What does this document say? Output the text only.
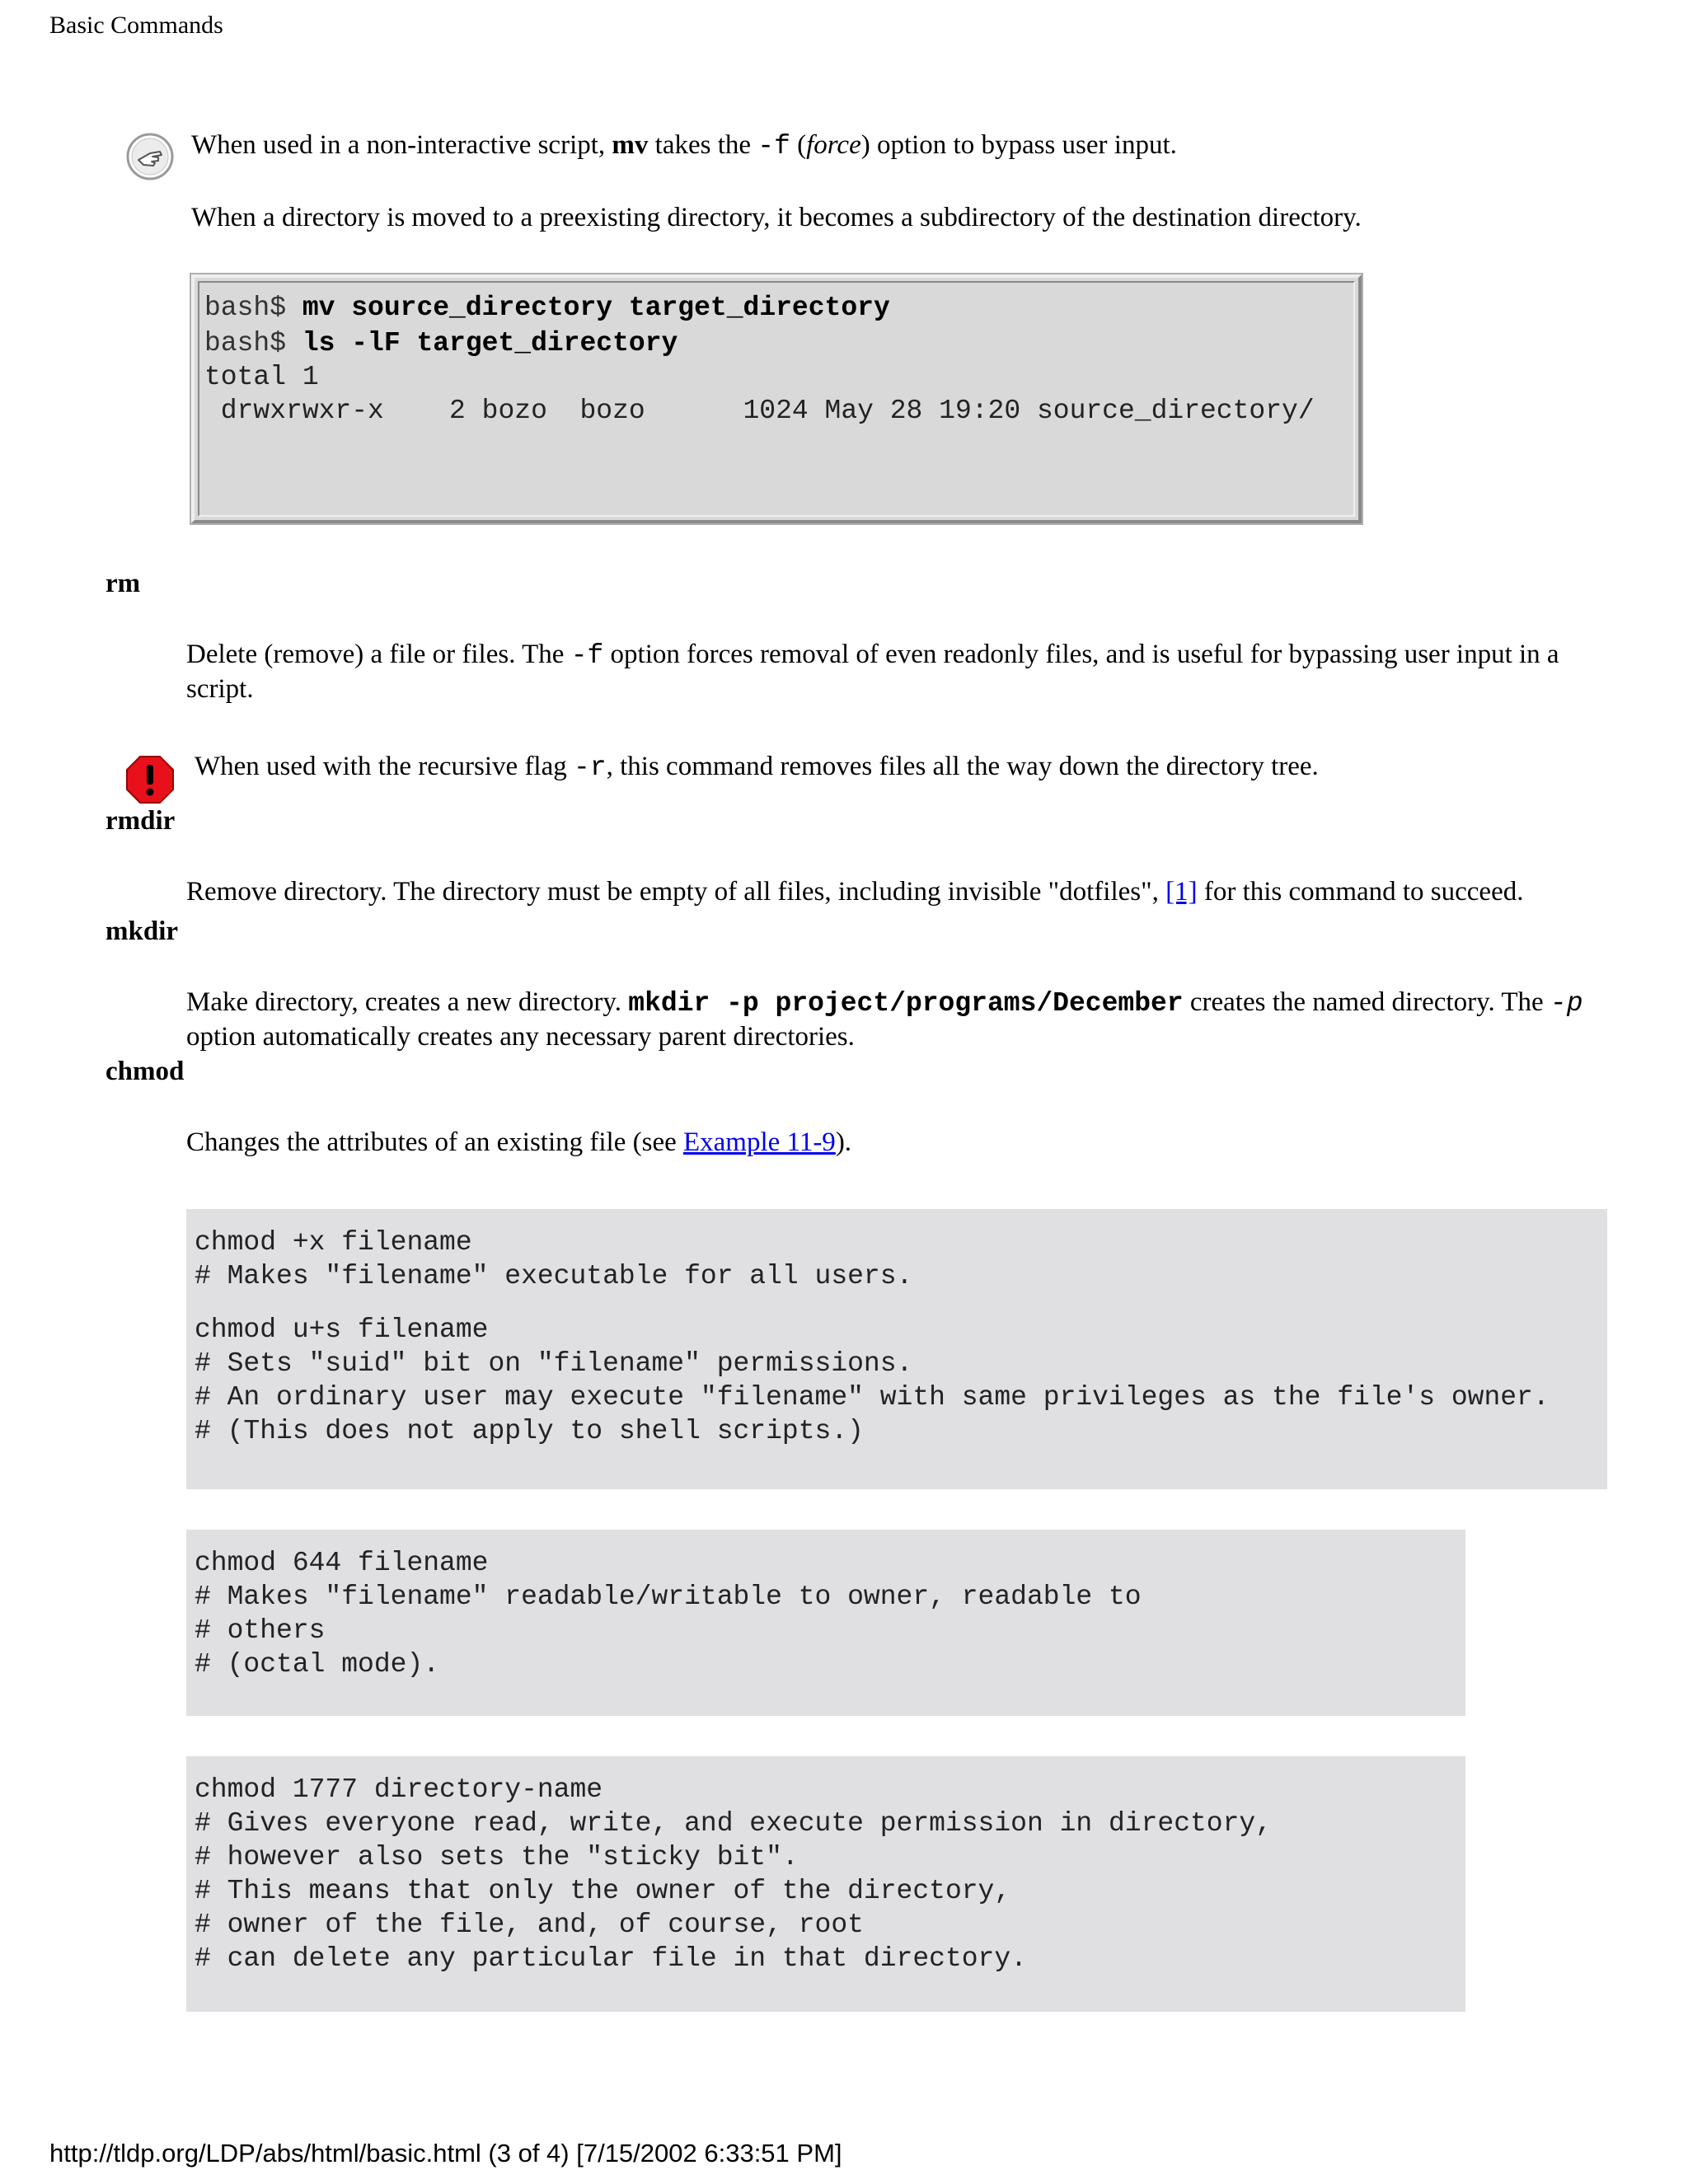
Basic Commands
When used in a non-interactive script, mv takes the -f (force) option to bypass user input.
When a directory is moved to a preexisting directory, it becomes a subdirectory of the destination directory.
bash$ mv source_directory target_directory

bash$ ls -lF target_directory
total 1
drwxrwxr-x    2 bozo  bozo      1024 May 28 19:20 source_directory/
rm
Delete (remove) a file or files. The -f option forces removal of even readonly files, and is useful for bypassing user input in a script.
When used with the recursive flag -r, this command removes files all the way down the directory tree.
rmdir
Remove directory. The directory must be empty of all files, including invisible "dotfiles", [1] for this command to succeed.
mkdir
Make directory, creates a new directory. mkdir -p project/programs/December creates the named directory. The -p option automatically creates any necessary parent directories.
chmod
Changes the attributes of an existing file (see Example 11-9).
chmod +x filename
# Makes "filename" executable for all users.

chmod u+s filename
# Sets "suid" bit on "filename" permissions.
# An ordinary user may execute "filename" with same privileges as the file's owner.
# (This does not apply to shell scripts.)
chmod 644 filename
# Makes "filename" readable/writable to owner, readable to
# others
# (octal mode).
chmod 1777 directory-name
# Gives everyone read, write, and execute permission in directory,
# however also sets the "sticky bit".
# This means that only the owner of the directory,
# owner of the file, and, of course, root
# can delete any particular file in that directory.
http://tldp.org/LDP/abs/html/basic.html (3 of 4) [7/15/2002 6:33:51 PM]
